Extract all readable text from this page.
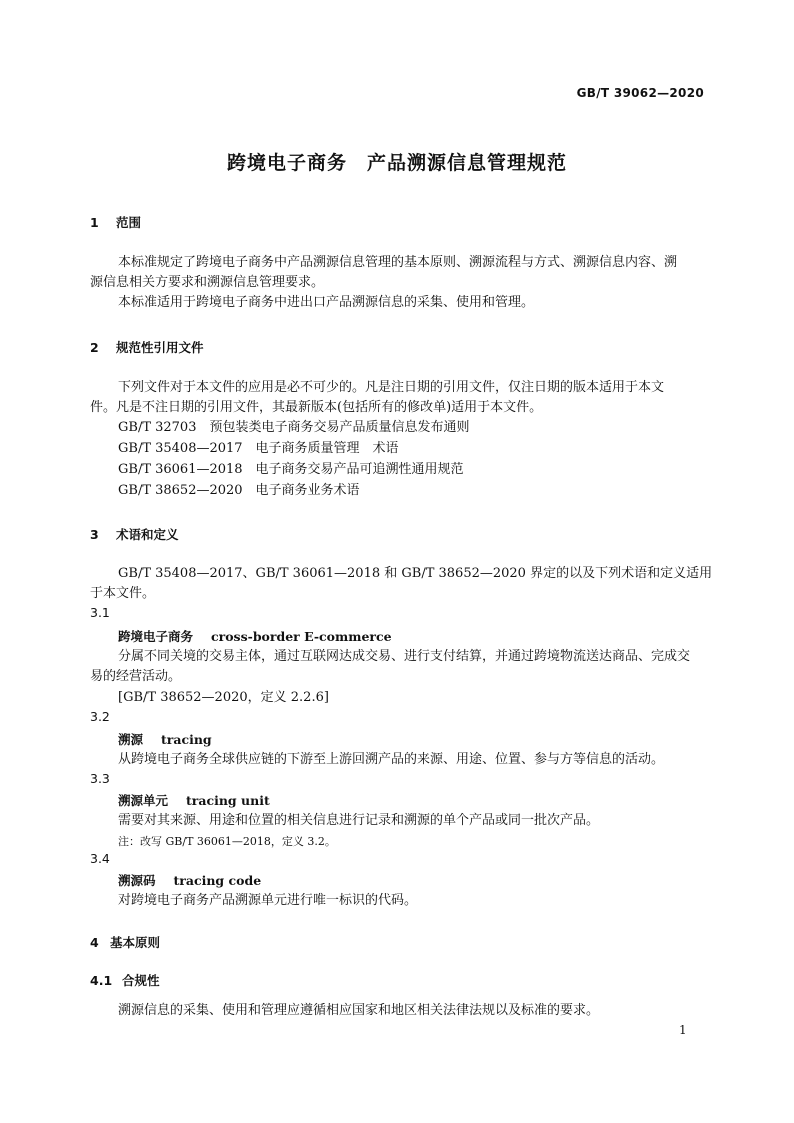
GB/T 39062—2020
跨境电子商务　产品溯源信息管理规范
1 范围
本标准规定了跨境电子商务中产品溯源信息管理的基本原则、溯源流程与方式、溯源信息内容、溯
源信息相关方要求和溯源信息管理要求。
本标准适用于跨境电子商务中进出口产品溯源信息的采集、使用和管理。
2 规范性引用文件
下列文件对于本文件的应用是必不可少的。凡是注日期的引用文件，仅注日期的版本适用于本文
件。凡是不注日期的引用文件，其最新版本(包括所有的修改单)适用于本文件。
GB/T 32703　预包装类电子商务交易产品质量信息发布通则
GB/T 35408—2017　电子商务质量管理　术语
GB/T 36061—2018　电子商务交易产品可追溯性通用规范
GB/T 38652—2020　电子商务业务术语
3 术语和定义
GB/T 35408—2017、GB/T 36061—2018 和 GB/T 38652—2020 界定的以及下列术语和定义适用
于本文件。
3.1
跨境电子商务 cross-border E-commerce
分属不同关境的交易主体，通过互联网达成交易、进行支付结算，并通过跨境物流送达商品、完成交
易的经营活动。
[GB/T 38652—2020，定义 2.2.6]
3.2
溯源 tracing
从跨境电子商务全球供应链的下游至上游回溯产品的来源、用途、位置、参与方等信息的活动。
3.3
溯源单元 tracing unit
需要对其来源、用途和位置的相关信息进行记录和溯源的单个产品或同一批次产品。
注：改写 GB/T 36061—2018，定义 3.2。
3.4
溯源码 tracing code
对跨境电子商务产品溯源单元进行唯一标识的代码。
4 基本原则
4.1 合规性
溯源信息的采集、使用和管理应遵循相应国家和地区相关法律法规以及标准的要求。
1
